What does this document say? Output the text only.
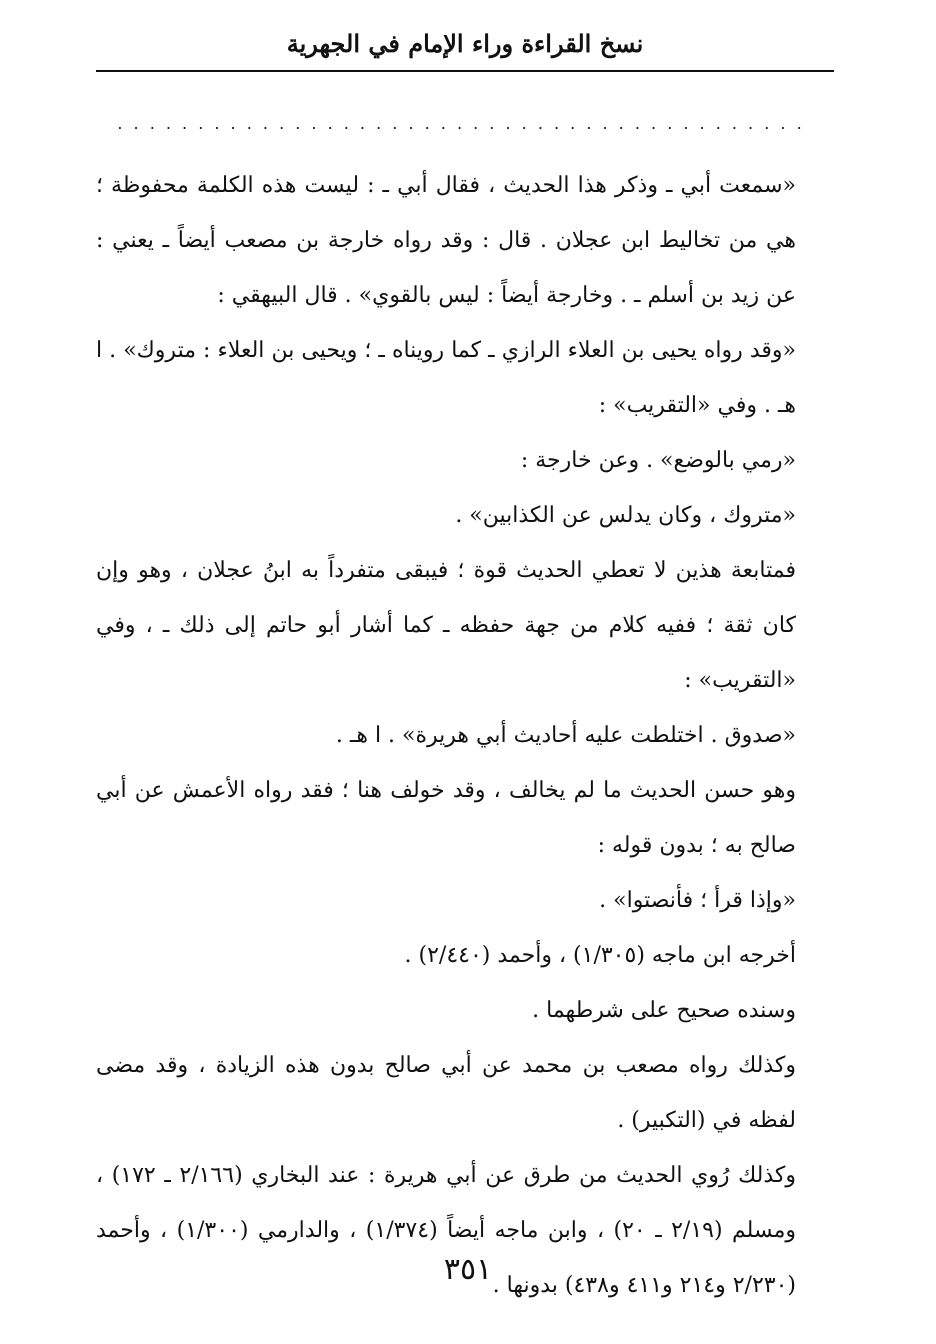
نسخ القراءة وراء الإمام في الجهرية
. . . . . . . . . . . . . . . . . . . . . . . . . . . . . . . . . . . . . . . . . . .

«سمعت أبي ـ وذكر هذا الحديث ، فقال أبي ـ : ليست هذه الكلمة محفوظة ؛ هي من تخاليط ابن عجلان . قال : وقد رواه خارجة بن مصعب أيضاً ـ يعني : عن زيد بن أسلم ـ . وخارجة أيضاً : ليس بالقوي» . قال البيهقي :

«وقد رواه يحيى بن العلاء الرازي ـ كما رويناه ـ ؛ ويحيى بن العلاء : متروك» . ا هـ . وفي «التقريب» :

«رمي بالوضع» . وعن خارجة :

«متروك ، وكان يدلس عن الكذابين» .

فمتابعة هذين لا تعطي الحديث قوة ؛ فيبقى متفرداً به ابنُ عجلان ، وهو وإن كان ثقة ؛ ففيه كلام من جهة حفظه ـ كما أشار أبو حاتم إلى ذلك ـ ، وفي «التقريب» :

«صدوق . اختلطت عليه أحاديث أبي هريرة» . ا هـ .

وهو حسن الحديث ما لم يخالف ، وقد خولف هنا ؛ فقد رواه الأعمش عن أبي صالح به ؛ بدون قوله :

«وإذا قرأ ؛ فأنصتوا» .

أخرجه ابن ماجه (١/٣٠٥) ، وأحمد (٢/٤٤٠) .

وسنده صحيح على شرطهما .

وكذلك رواه مصعب بن محمد عن أبي صالح بدون هذه الزيادة ، وقد مضى لفظه في (التكبير) .

وكذلك رُوي الحديث من طرق عن أبي هريرة : عند البخاري (٢/١٦٦ ـ ١٧٢) ، ومسلم (٢/١٩ ـ ٢٠) ، وابن ماجه أيضاً (١/٣٧٤) ، والدارمي (١/٣٠٠) ، وأحمد (٢/٢٣٠ و٢١٤ و٤١١ و٤٣٨) بدونها .

٣٥١
